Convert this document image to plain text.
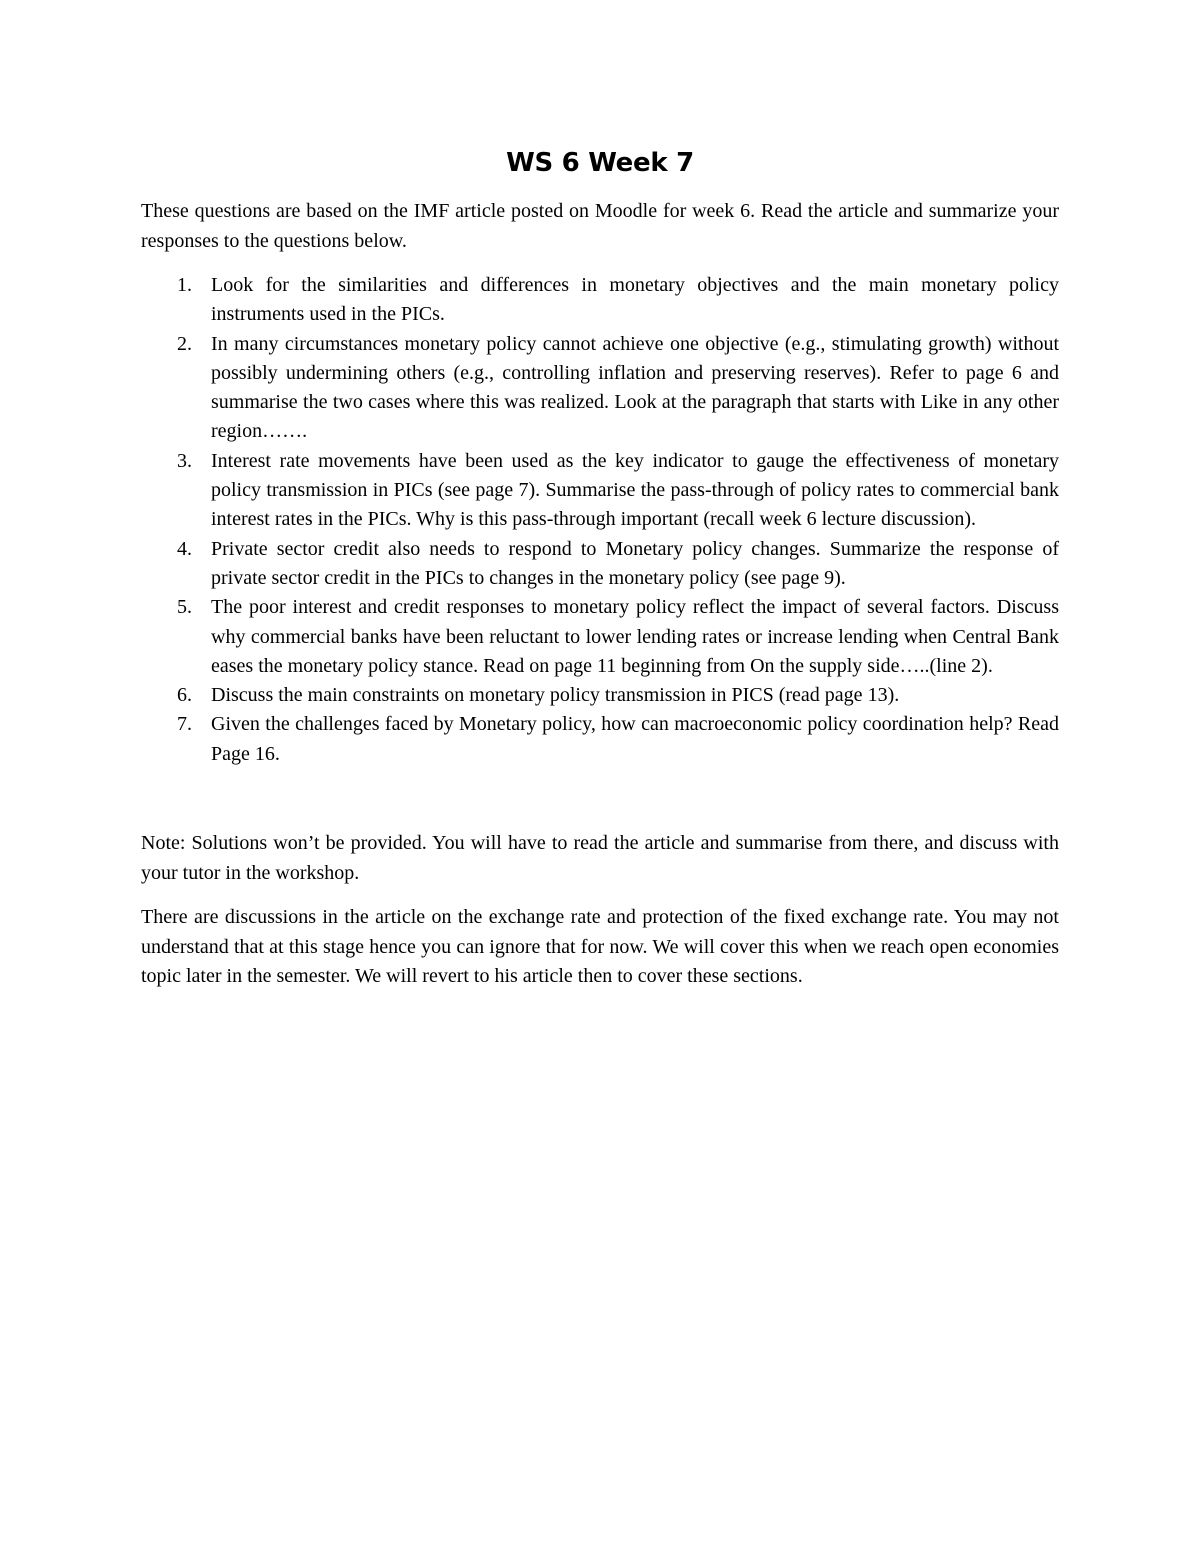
WS 6 Week 7

These questions are based on the IMF article posted on Moodle for week 6. Read the article and summarize your responses to the questions below.

1. Look for the similarities and differences in monetary objectives and the main monetary policy instruments used in the PICs.
2. In many circumstances monetary policy cannot achieve one objective (e.g., stimulating growth) without possibly undermining others (e.g., controlling inflation and preserving reserves). Refer to page 6 and summarise the two cases where this was realized. Look at the paragraph that starts with Like in any other region…….
3. Interest rate movements have been used as the key indicator to gauge the effectiveness of monetary policy transmission in PICs (see page 7). Summarise the pass-through of policy rates to commercial bank interest rates in the PICs. Why is this pass-through important (recall week 6 lecture discussion).
4. Private sector credit also needs to respond to Monetary policy changes. Summarize the response of private sector credit in the PICs to changes in the monetary policy (see page 9).
5. The poor interest and credit responses to monetary policy reflect the impact of several factors. Discuss why commercial banks have been reluctant to lower lending rates or increase lending when Central Bank eases the monetary policy stance. Read on page 11 beginning from On the supply side…..(line 2).
6. Discuss the main constraints on monetary policy transmission in PICS (read page 13).
7. Given the challenges faced by Monetary policy, how can macroeconomic policy coordination help? Read Page 16.

Note: Solutions won’t be provided. You will have to read the article and summarise from there, and discuss with your tutor in the workshop.

There are discussions in the article on the exchange rate and protection of the fixed exchange rate. You may not understand that at this stage hence you can ignore that for now. We will cover this when we reach open economies topic later in the semester. We will revert to his article then to cover these sections.
